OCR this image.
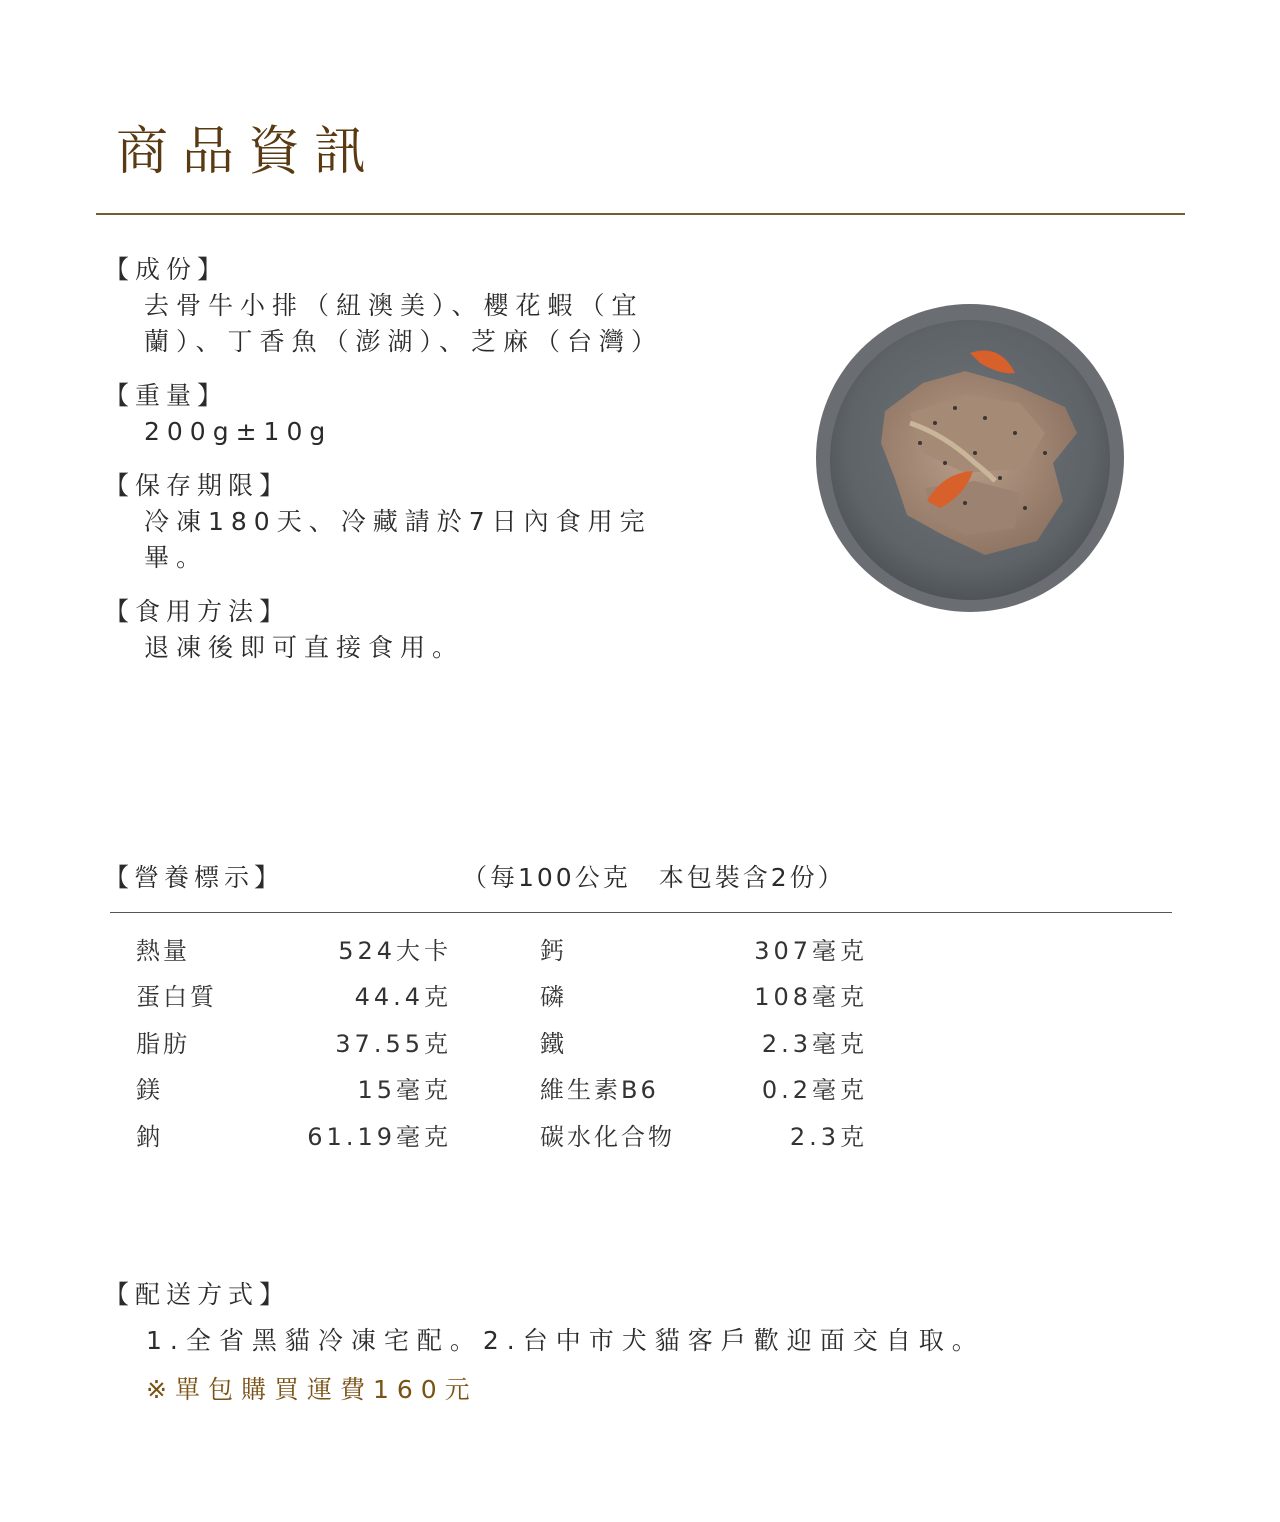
商品資訊
【成份】
去骨牛小排（紐澳美）、櫻花蝦（宜蘭）、丁香魚（澎湖）、芝麻（台灣）
【重量】
200g±10g
【保存期限】
冷凍180天、冷藏請於7日內食用完畢。
【食用方法】
退凍後即可直接食用。
【營養標示】	（每100公克　本包裝含2份）
熱量	524大卡	鈣	307毫克
蛋白質	44.4克	磷	108毫克
脂肪	37.55克	鐵	2.3毫克
鎂	15毫克	維生素B6	0.2毫克
鈉	61.19毫克	碳水化合物	2.3克
【配送方式】
1.全省黑貓冷凍宅配。2.台中市犬貓客戶歡迎面交自取。
※單包購買運費160元
